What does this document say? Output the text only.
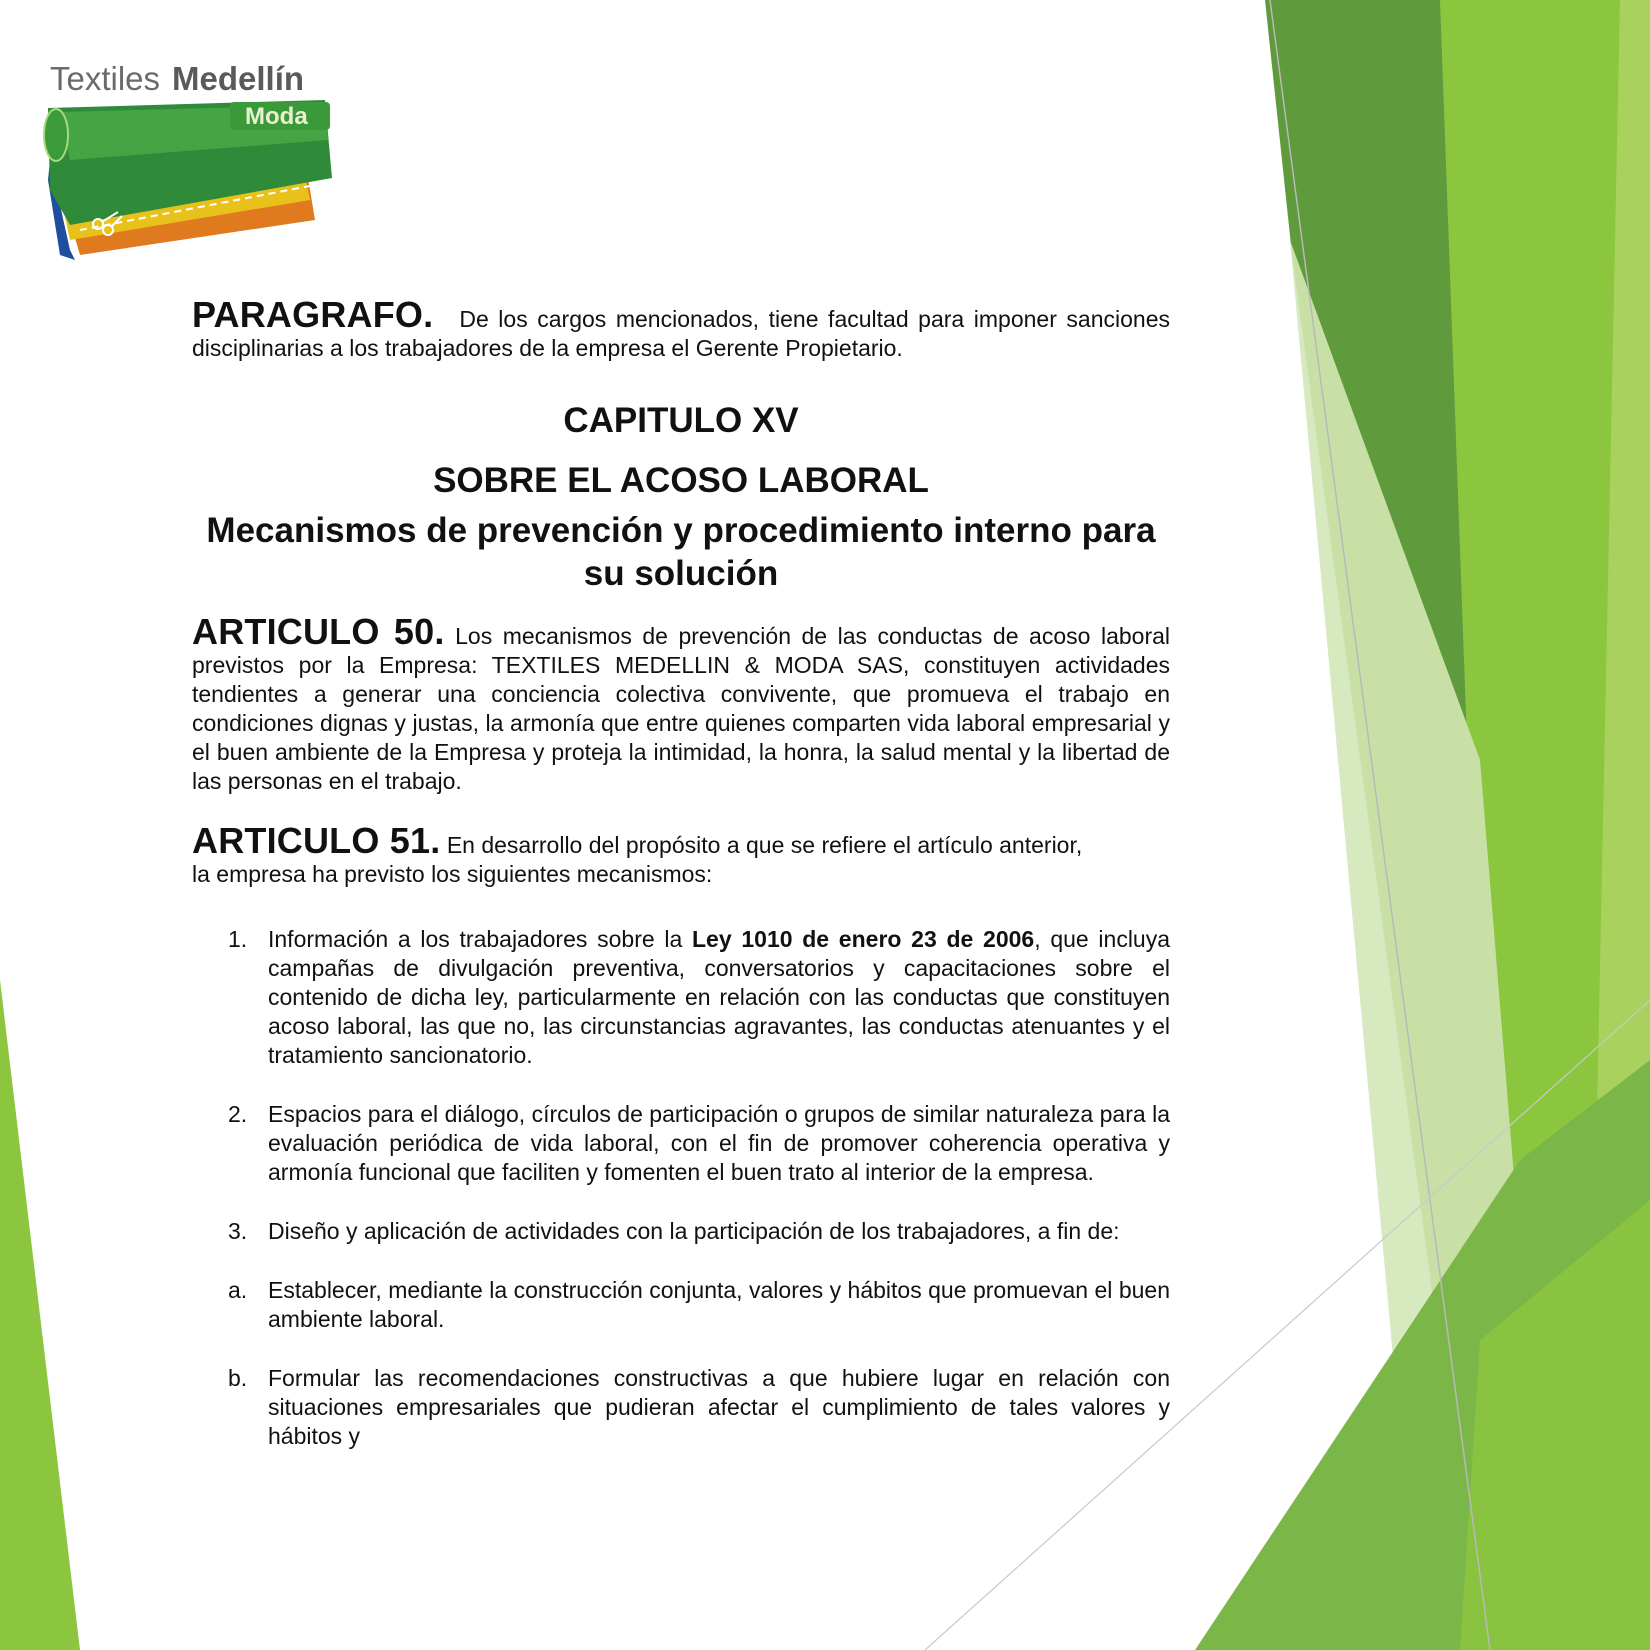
Textiles Medellín
Moda

PARAGRAFO. De los cargos mencionados, tiene facultad para imponer sanciones disciplinarias a los trabajadores de la empresa el Gerente Propietario.

CAPITULO XV

SOBRE EL ACOSO LABORAL

Mecanismos de prevención y procedimiento interno para su solución

ARTICULO 50. Los mecanismos de prevención de las conductas de acoso laboral previstos por la Empresa: TEXTILES MEDELLIN & MODA SAS, constituyen actividades tendientes a generar una conciencia colectiva convivente, que promueva el trabajo en condiciones dignas y justas, la armonía que entre quienes comparten vida laboral empresarial y el buen ambiente de la Empresa y proteja la intimidad, la honra, la salud mental y la libertad de las personas en el trabajo.

ARTICULO 51. En desarrollo del propósito a que se refiere el artículo anterior,
la empresa ha previsto los siguientes mecanismos:

1. Información a los trabajadores sobre la Ley 1010 de enero 23 de 2006, que incluya campañas de divulgación preventiva, conversatorios y capacitaciones sobre el contenido de dicha ley, particularmente en relación con las conductas que constituyen acoso laboral, las que no, las circunstancias agravantes, las conductas atenuantes y el tratamiento sancionatorio.
2. Espacios para el diálogo, círculos de participación o grupos de similar naturaleza para la evaluación periódica de vida laboral, con el fin de promover coherencia operativa y armonía funcional que faciliten y fomenten el buen trato al interior de la empresa.
3. Diseño y aplicación de actividades con la participación de los trabajadores, a fin de:
a. Establecer, mediante la construcción conjunta, valores y hábitos que promuevan el buen ambiente laboral.
b. Formular las recomendaciones constructivas a que hubiere lugar en relación con situaciones empresariales que pudieran afectar el cumplimiento de tales valores y hábitos y
